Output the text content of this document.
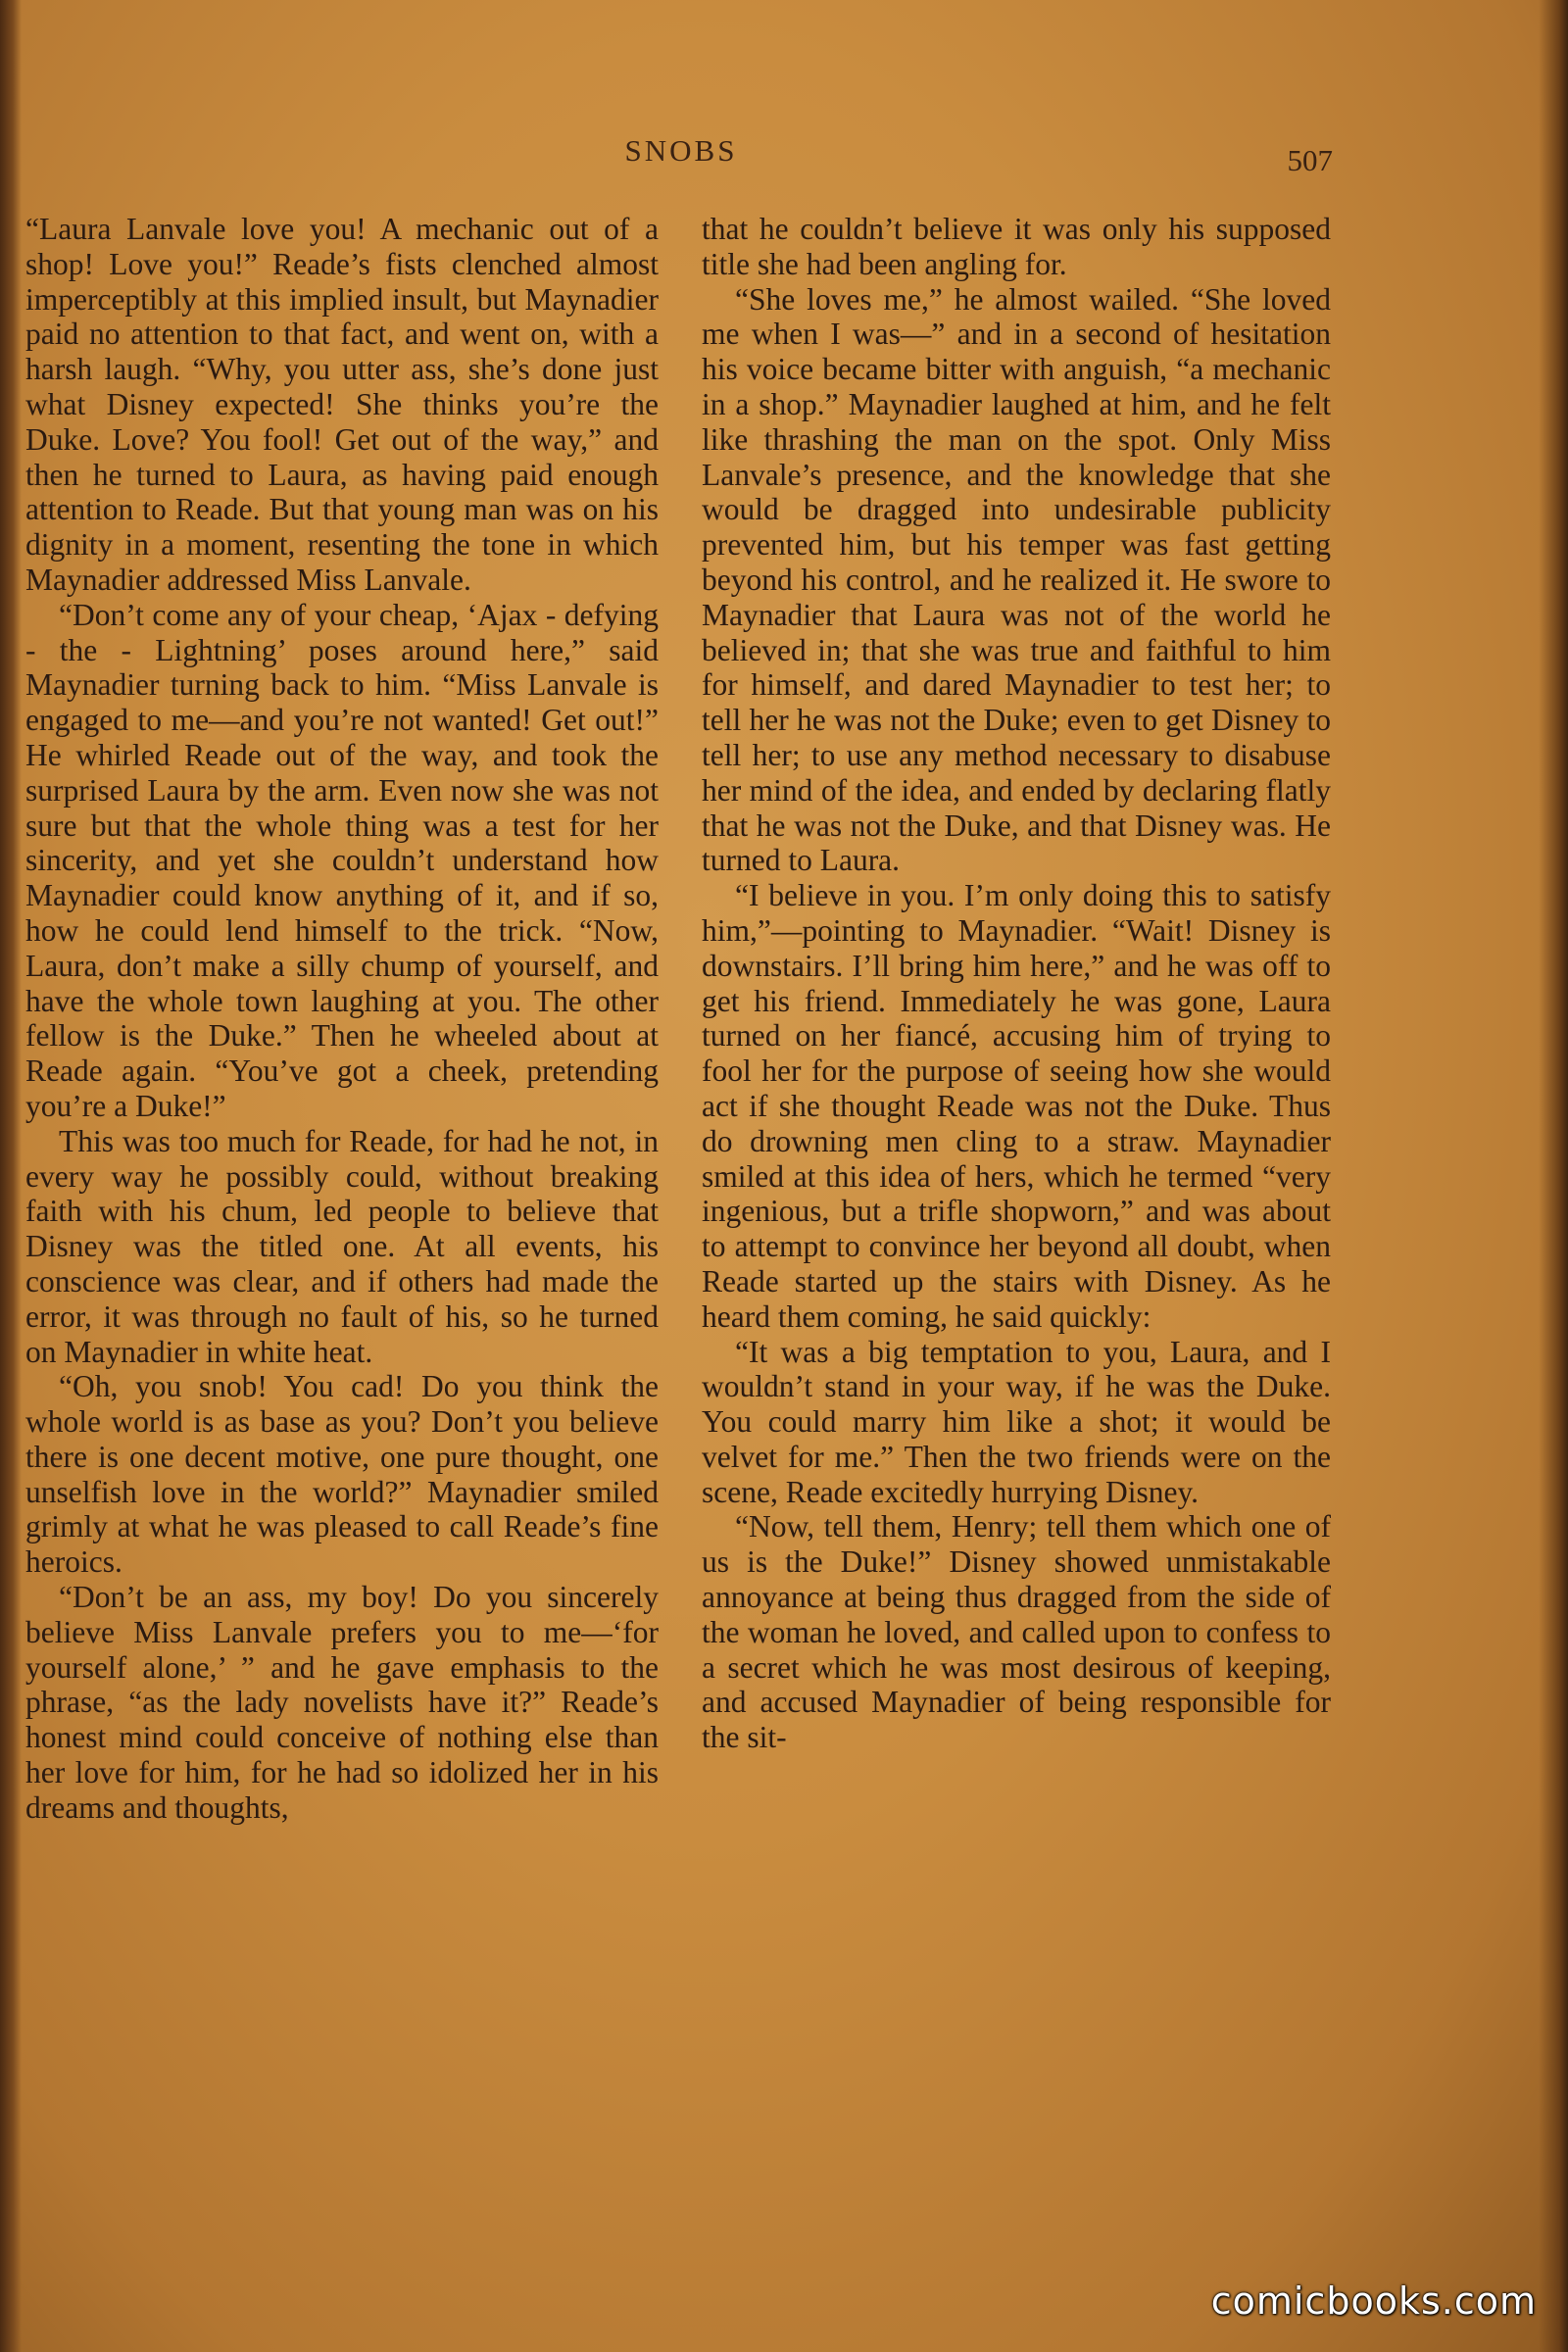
SNOBS	507

“Laura Lanvale love you! A mechanic out of a shop! Love you!” Reade’s fists clenched almost imperceptibly at this implied insult, but Maynadier paid no attention to that fact, and went on, with a harsh laugh. “Why, you utter ass, she’s done just what Disney expected! She thinks you’re the Duke. Love? You fool! Get out of the way,” and then he turned to Laura, as having paid enough attention to Reade. But that young man was on his dignity in a moment, resenting the tone in which Maynadier addressed Miss Lanvale.

“Don’t come any of your cheap, ‘Ajax - defying - the - Lightning’ poses around here,” said Maynadier turning back to him. “Miss Lanvale is engaged to me—and you’re not wanted! Get out!” He whirled Reade out of the way, and took the surprised Laura by the arm. Even now she was not sure but that the whole thing was a test for her sincerity, and yet she couldn’t understand how Maynadier could know anything of it, and if so, how he could lend himself to the trick. “Now, Laura, don’t make a silly chump of yourself, and have the whole town laughing at you. The other fellow is the Duke.” Then he wheeled about at Reade again. “You’ve got a cheek, pretending you’re a Duke!”

This was too much for Reade, for had he not, in every way he possibly could, without breaking faith with his chum, led people to believe that Disney was the titled one. At all events, his conscience was clear, and if others had made the error, it was through no fault of his, so he turned on Maynadier in white heat.

“Oh, you snob! You cad! Do you think the whole world is as base as you? Don’t you believe there is one decent motive, one pure thought, one unselfish love in the world?” Maynadier smiled grimly at what he was pleased to call Reade’s fine heroics.

“Don’t be an ass, my boy! Do you sincerely believe Miss Lanvale prefers you to me—‘for yourself alone,’ ” and he gave emphasis to the phrase, “as the lady novelists have it?” Reade’s honest mind could conceive of nothing else than her love for him, for he had so idolized her in his dreams and thoughts,

that he couldn’t believe it was only his supposed title she had been angling for.

“She loves me,” he almost wailed. “She loved me when I was—” and in a second of hesitation his voice became bitter with anguish, “a mechanic in a shop.” Maynadier laughed at him, and he felt like thrashing the man on the spot. Only Miss Lanvale’s presence, and the knowledge that she would be dragged into undesirable publicity prevented him, but his temper was fast getting beyond his control, and he realized it. He swore to Maynadier that Laura was not of the world he believed in; that she was true and faithful to him for himself, and dared Maynadier to test her; to tell her he was not the Duke; even to get Disney to tell her; to use any method necessary to disabuse her mind of the idea, and ended by declaring flatly that he was not the Duke, and that Disney was. He turned to Laura.

“I believe in you. I’m only doing this to satisfy him,”—pointing to Maynadier. “Wait! Disney is downstairs. I’ll bring him here,” and he was off to get his friend. Immediately he was gone, Laura turned on her fiancé, accusing him of trying to fool her for the purpose of seeing how she would act if she thought Reade was not the Duke. Thus do drowning men cling to a straw. Maynadier smiled at this idea of hers, which he termed “very ingenious, but a trifle shopworn,” and was about to attempt to convince her beyond all doubt, when Reade started up the stairs with Disney. As he heard them coming, he said quickly:

“It was a big temptation to you, Laura, and I wouldn’t stand in your way, if he was the Duke. You could marry him like a shot; it would be velvet for me.” Then the two friends were on the scene, Reade excitedly hurrying Disney.

“Now, tell them, Henry; tell them which one of us is the Duke!” Disney showed unmistakable annoyance at being thus dragged from the side of the woman he loved, and called upon to confess to a secret which he was most desirous of keeping, and accused Maynadier of being responsible for the sit-

comicbooks.com
